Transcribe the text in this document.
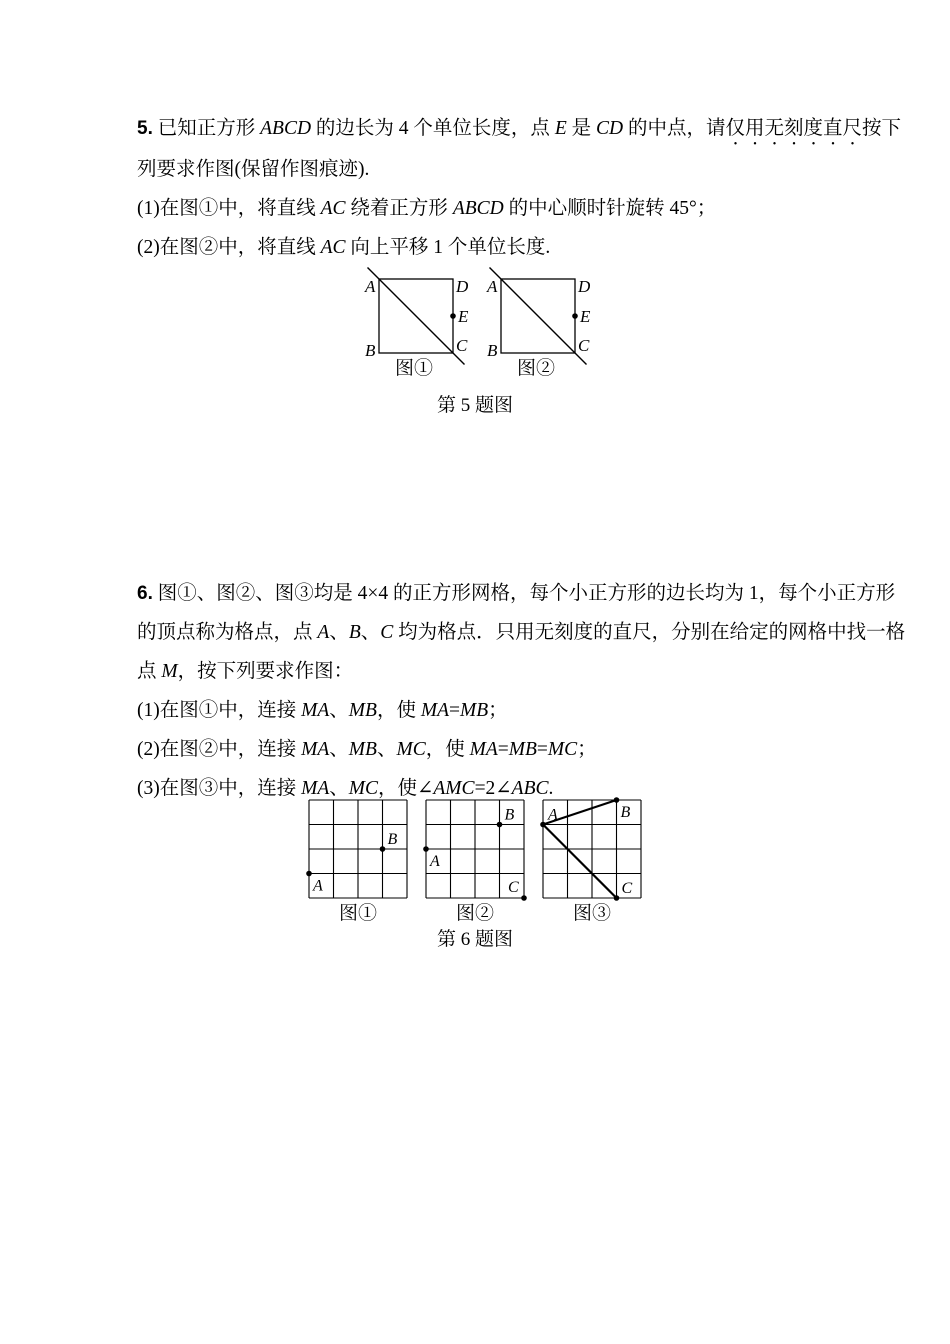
5. 已知正方形 ABCD 的边长为 4 个单位长度，点 E 是 CD 的中点，请仅用无刻度直尺按下
列要求作图(保留作图痕迹).
(1)在图①中，将直线 AC 绕着正方形 ABCD 的中心顺时针旋转 45°；
(2)在图②中，将直线 AC 向上平移 1 个单位长度.
A	D
B	C
E
图①
A	D
B	C
E
图②
第 5 题图
6. 图①、图②、图③均是 4×4 的正方形网格，每个小正方形的边长均为 1，每个小正方形
的顶点称为格点，点 A、B、C 均为格点．只用无刻度的直尺，分别在给定的网格中找一格
点 M，按下列要求作图：
(1)在图①中，连接 MA、MB，使 MA=MB；
(2)在图②中，连接 MA、MB、MC，使 MA=MB=MC；
(3)在图③中，连接 MA、MC，使∠AMC=2∠ABC.
A
B
图①
A
B
C
图②
A	B
C
图③
第 6 题图
